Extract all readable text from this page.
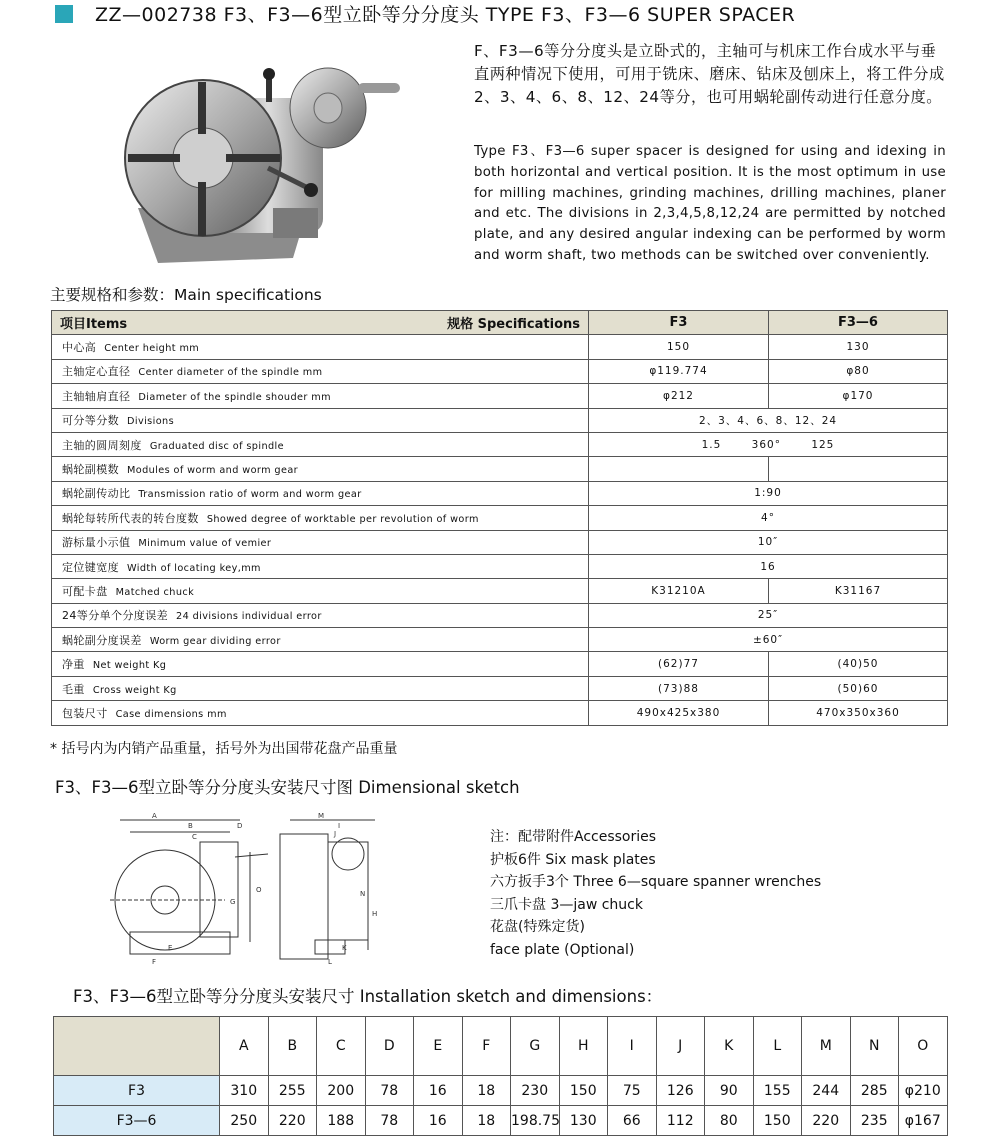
ZZ—002738 F3、F3—6型立卧等分分度头 TYPE F3、F3—6 SUPER SPACER
F、F3—6等分分度头是立卧式的，主轴可与机床工作台成水平与垂直两种情况下使用，可用于铣床、磨床、钻床及刨床上，将工件分成2、3、4、6、8、12、24等分，也可用蜗轮副传动进行任意分度。
Type F3、F3—6 super spacer is designed for using and idexing in both horizontal and vertical position. It is the most optimum in use for milling machines, grinding machines, drilling machines, planer and etc. The divisions in 2,3,4,5,8,12,24 are permitted by notched plate, and any desired angular indexing can be performed by worm and worm shaft, two methods can be switched over conveniently.
主要规格和参数：Main specifications
项目Items 规格 Specifications	F3	F3—6
中心高 Center height mm	150	130
主轴定心直径 Center diameter of the spindle mm	φ119.774	φ80
主轴轴肩直径 Diameter of the spindle shouder mm	φ212	φ170
可分等分数 Divisions	2、3、4、6、8、12、24	
主轴的圆周刻度 Graduated disc of spindle	1.5       360°       125	
蜗轮副模数 Modules of worm and worm gear		
蜗轮副传动比 Transmission ratio of worm and worm gear	1:90	
蜗轮每转所代表的转台度数 Showed degree of worktable per revolution of worm	4°	
游标量小示值 Minimum value of vemier	10″	
定位键宽度 Width of locating key,mm	16	
可配卡盘 Matched chuck	K31210A	K31167
24等分单个分度误差 24 divisions individual error	25″	
蜗轮副分度误差 Worm gear dividing error	±60″	
净重 Net weight Kg	(62)77	(40)50
毛重 Cross weight Kg	(73)88	(50)60
包装尺寸 Case dimensions mm	490x425x380	470x350x360
* 括号内为内销产品重量，括号外为出国带花盘产品重量
F3、F3—6型立卧等分分度头安装尺寸图 Dimensional sketch
A
B
C
D
E
F
G
H
I
J
K
L
M
N
O
注：配带附件Accessories
护板6件 Six mask plates
六方扳手3个 Three 6—square spanner wrenches
三爪卡盘 3—jaw chuck
花盘(特殊定货)
face plate (Optional)
F3、F3—6型立卧等分分度头安装尺寸 Installation sketch and dimensions：
	A	B	C	D	E	F	G	H	I	J	K	L	M	N	O
F3	310	255	200	78	16	18	230	150	75	126	90	155	244	285	φ210
F3—6	250	220	188	78	16	18	198.75	130	66	112	80	150	220	235	φ167
